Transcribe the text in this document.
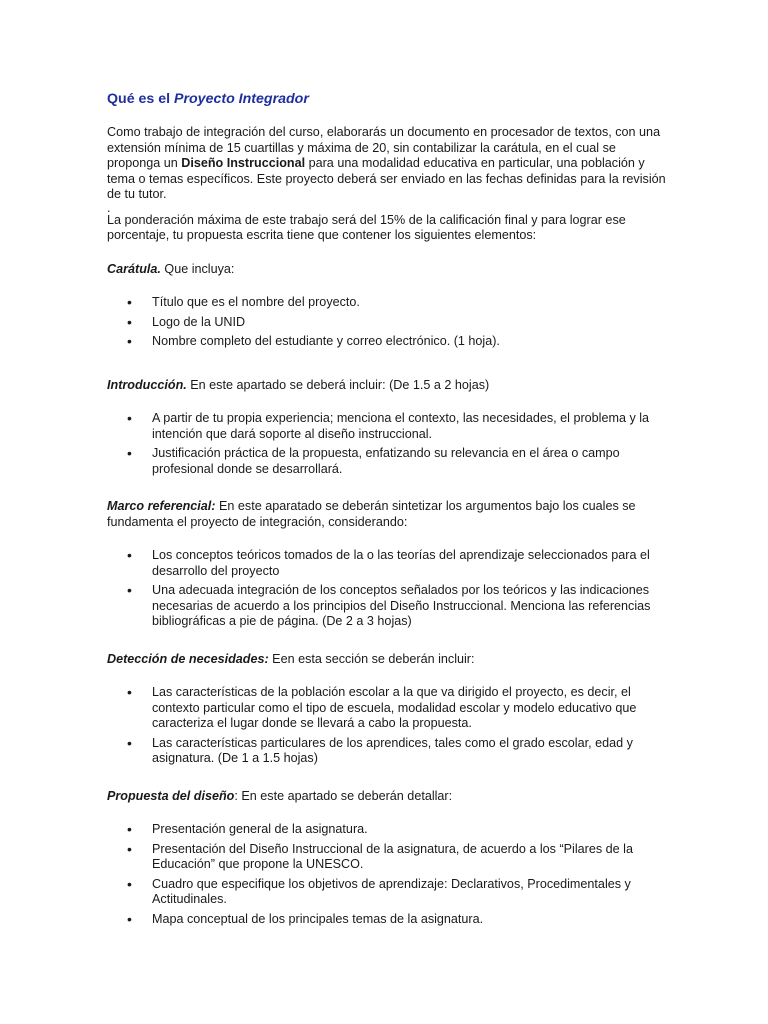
Qué es el Proyecto Integrador

Como trabajo de integración del curso, elaborarás un documento en procesador de textos, con una extensión mínima de 15 cuartillas y máxima de 20, sin contabilizar la carátula, en el cual se proponga un Diseño Instruccional para una modalidad educativa en particular, una población y tema o temas específicos. Este proyecto deberá ser enviado en las fechas definidas para la revisión de tu tutor.

.

La ponderación máxima de este trabajo será del 15% de la calificación final y para lograr ese porcentaje, tu propuesta escrita tiene que contener los siguientes elementos:

Carátula. Que incluya:

• Título que es el nombre del proyecto.
• Logo de la UNID
• Nombre completo del estudiante y correo electrónico. (1 hoja).

Introducción. En este apartado se deberá incluir: (De 1.5 a 2 hojas)

• A partir de tu propia experiencia; menciona el contexto, las necesidades, el problema y la intención que dará soporte al diseño instruccional.
• Justificación práctica de la propuesta, enfatizando su relevancia en el área o campo profesional donde se desarrollará.

Marco referencial: En este aparatado se deberán sintetizar los argumentos bajo los cuales se fundamenta el proyecto de integración, considerando:

• Los conceptos teóricos tomados de la o las teorías del aprendizaje seleccionados para el desarrollo del proyecto
• Una adecuada integración de los conceptos señalados por los teóricos y las indicaciones necesarias de acuerdo a los principios del Diseño Instruccional. Menciona las referencias bibliográficas a pie de página. (De 2 a 3 hojas)

Detección de necesidades: Een esta sección se deberán incluir:

• Las características de la población escolar a la que va dirigido el proyecto, es decir, el contexto particular como el tipo de escuela, modalidad escolar y modelo educativo que caracteriza el lugar donde se llevará a cabo la propuesta.
• Las características particulares de los aprendices, tales como el grado escolar, edad y asignatura. (De 1 a 1.5 hojas)

Propuesta del diseño: En este apartado se deberán detallar:

• Presentación general de la asignatura.
• Presentación del Diseño Instruccional de la asignatura, de acuerdo a los “Pilares de la Educación” que propone la UNESCO.
• Cuadro que especifique los objetivos de aprendizaje: Declarativos, Procedimentales y Actitudinales.
• Mapa conceptual de los principales temas de la asignatura.
